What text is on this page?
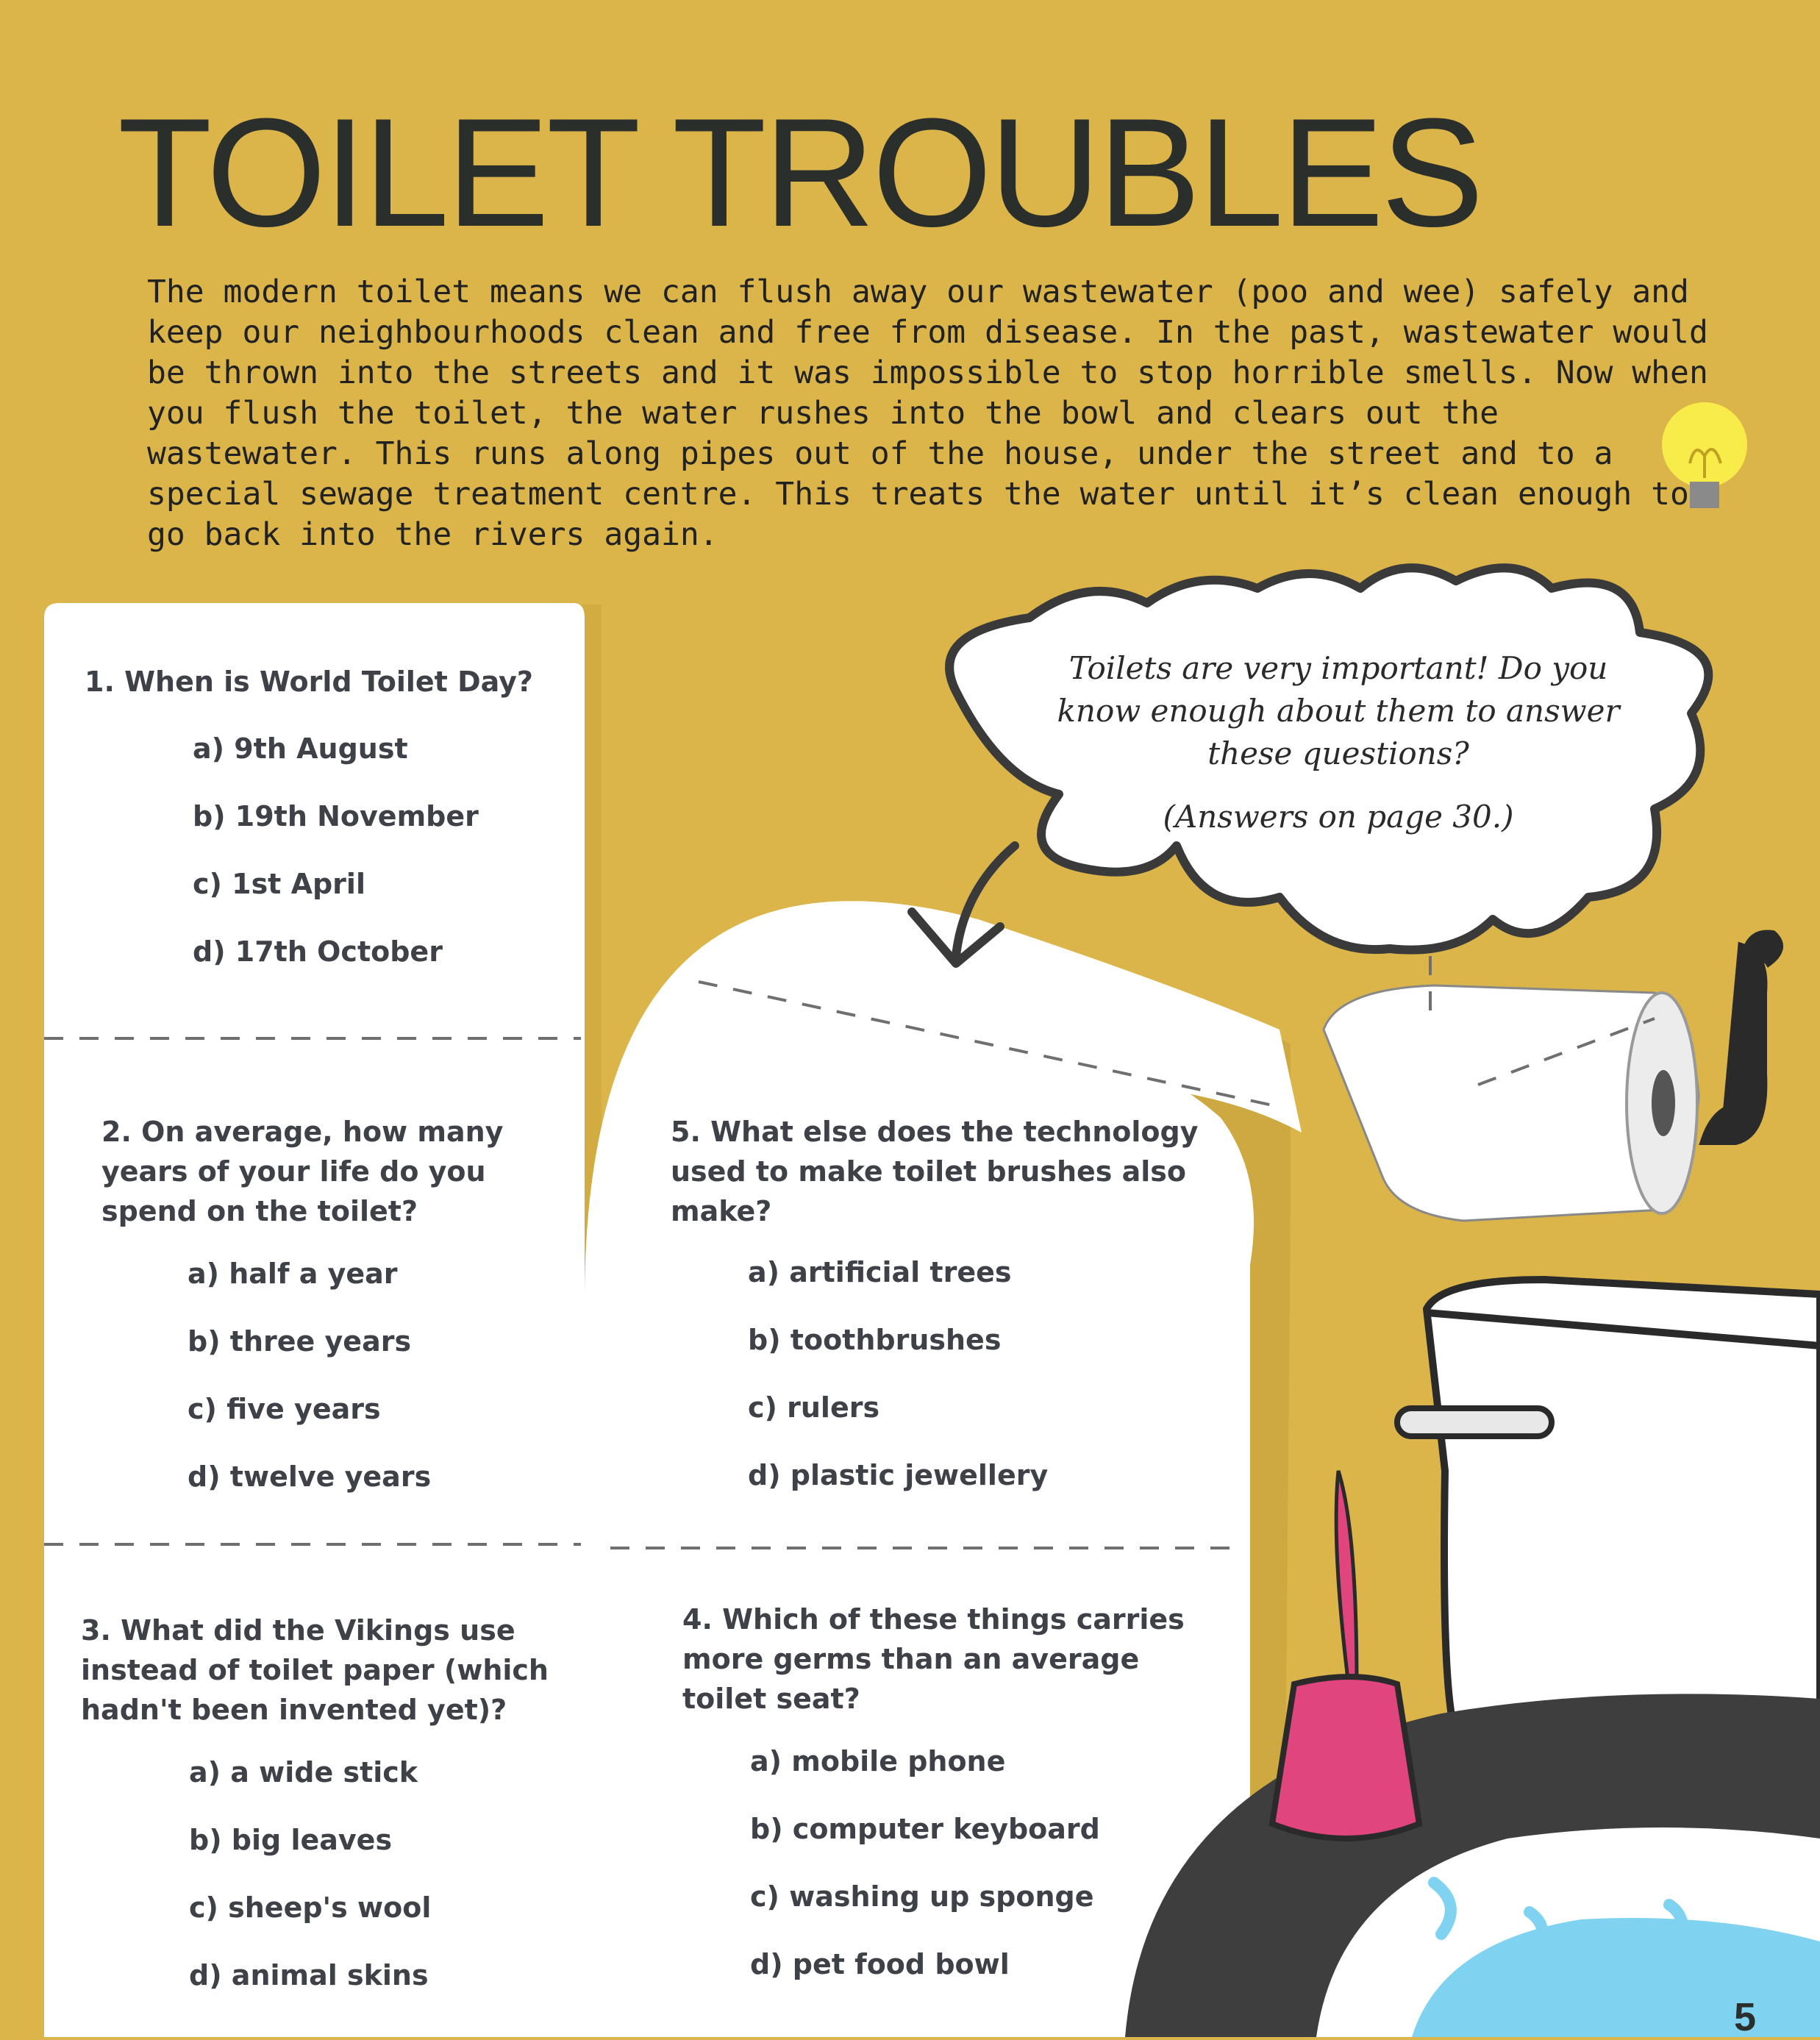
TOILET TROUBLES

The modern toilet means we can flush away our wastewater (poo and wee) safely and keep our neighbourhoods clean and free from disease. In the past, wastewater would be thrown into the streets and it was impossible to stop horrible smells. Now when you flush the toilet, the water rushes into the bowl and clears out the wastewater. This runs along pipes out of the house, under the street and to a special sewage treatment centre. This treats the water until it’s clean enough to go back into the rivers again.

Toilets are very important! Do you know enough about them to answer these questions?
(Answers on page 30.)

1. When is World Toilet Day?

a) 9th August
b) 19th November
c) 1st April
d) 17th October

2. On average, how many years of your life do you spend on the toilet?

a) half a year
b) three years
c) five years
d) twelve years

3. What did the Vikings use instead of toilet paper (which hadn't been invented yet)?

a) a wide stick
b) big leaves
c) sheep's wool
d) animal skins

5. What else does the technology used to make toilet brushes also make?

a) artificial trees
b) toothbrushes
c) rulers
d) plastic jewellery

4. Which of these things carries more germs than an average toilet seat?

a) mobile phone
b) computer keyboard
c) washing up sponge
d) pet food bowl
5
